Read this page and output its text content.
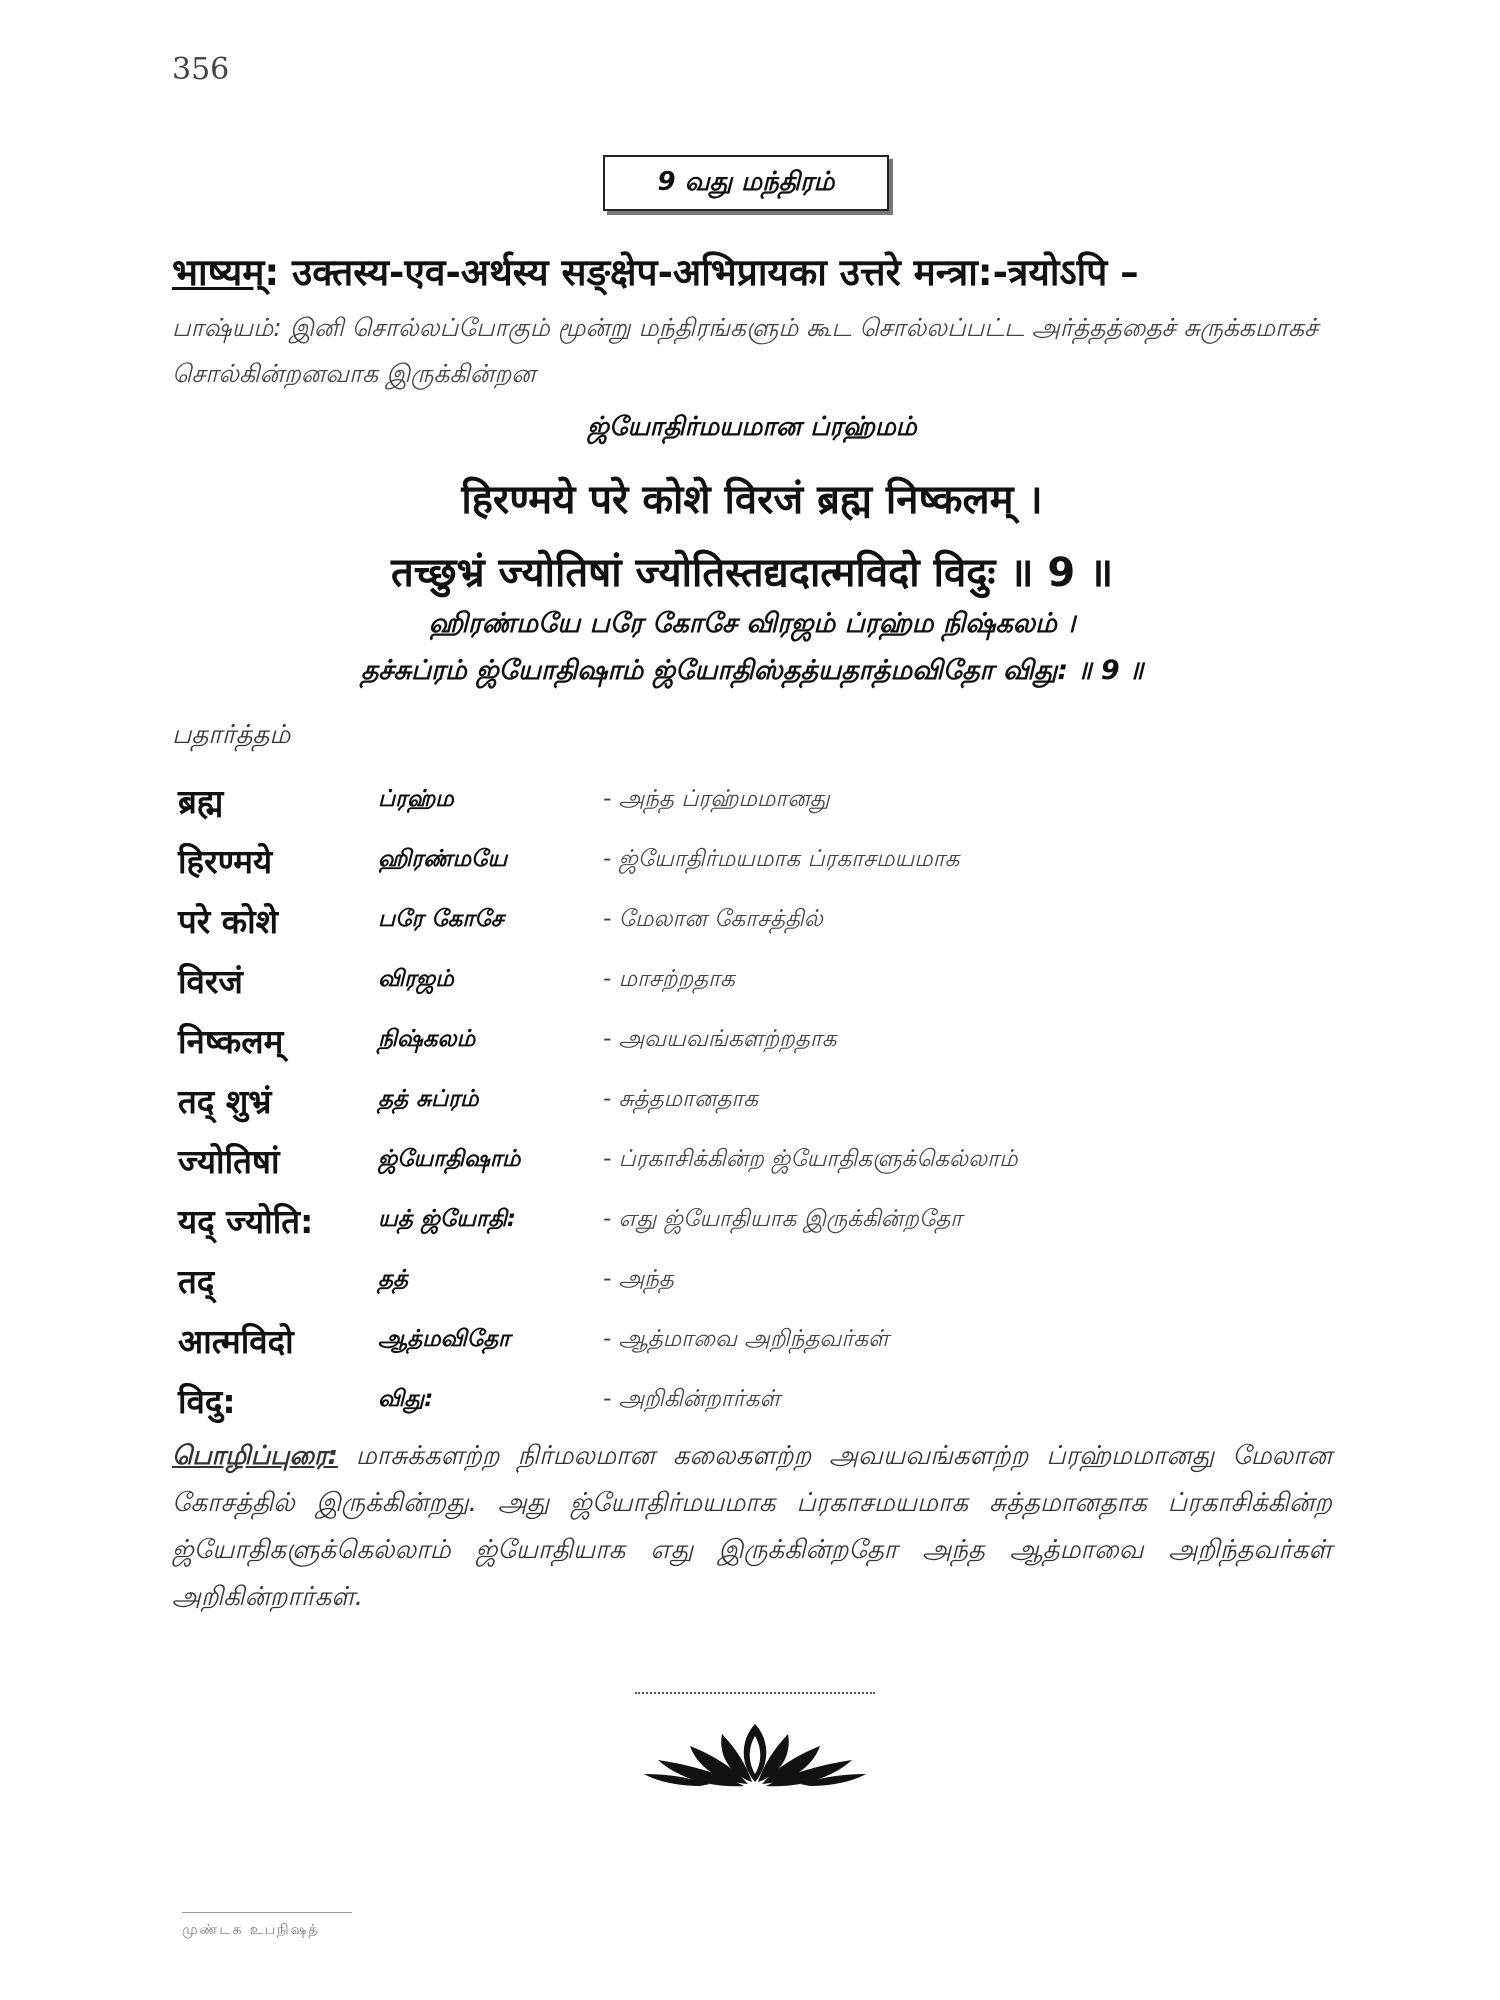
356
9 வது மந்திரம்
भाष्यम्: उक्तस्य-एव-अर्थस्य सङ्क्षेप-अभिप्रायका उत्तरे मन्त्रा:-त्रयोऽपि –
பாஷ்யம்: இனி சொல்லப்போகும் மூன்று மந்திரங்களும் கூட சொல்லப்பட்ட அர்த்தத்தைச் சுருக்கமாகச் சொல்கின்றனவாக இருக்கின்றன
ஜ்யோதிர்மயமான ப்ரஹ்மம்
हिरण्मये परे कोशे विरजं ब्रह्म निष्कलम् ।
तच्छुभ्रं ज्योतिषां ज्योतिस्तद्यदात्मविदो विदुः ॥ 9 ॥
ஹிரண்மயே பரே கோசே விரஜம் ப்ரஹ்ம நிஷ்கலம் ।
தச்சுப்ரம் ஜ்யோதிஷாம் ஜ்யோதிஸ்தத்யதாத்மவிதோ விது: ॥ 9 ॥
பதார்த்தம்
ब्रह्म	ப்ரஹ்ம	- அந்த ப்ரஹ்மமானது
हिरण्मये	ஹிரண்மயே	- ஜ்யோதிர்மயமாக ப்ரகாசமயமாக
परे कोशे	பரே கோசே	- மேலான கோசத்தில்
विरजं	விரஜம்	- மாசற்றதாக
निष्कलम्	நிஷ்கலம்	- அவயவங்களற்றதாக
तद् शुभ्रं	தத் சுப்ரம்	- சுத்தமானதாக
ज्योतिषां	ஜ்யோதிஷாம்	- ப்ரகாசிக்கின்ற ஜ்யோதிகளுக்கெல்லாம்
यद् ज्योति:	யத் ஜ்யோதி:	- எது ஜ்யோதியாக இருக்கின்றதோ
तद्	தத்	- அந்த
आत्मविदो	ஆத்மவிதோ	- ஆத்மாவை அறிந்தவர்கள்
विदु:	விது:	- அறிகின்றார்கள்
பொழிப்புரை: மாசுக்களற்ற நிர்மலமான கலைகளற்ற அவயவங்களற்ற ப்ரஹ்மமானது மேலான கோசத்தில் இருக்கின்றது. அது ஜ்யோதிர்மயமாக ப்ரகாசமயமாக சுத்தமானதாக ப்ரகாசிக்கின்ற ஜ்யோதிகளுக்கெல்லாம் ஜ்யோதியாக எது இருக்கின்றதோ அந்த ஆத்மாவை அறிந்தவர்கள் அறிகின்றார்கள்.
முண்டக உபநிஷத்
